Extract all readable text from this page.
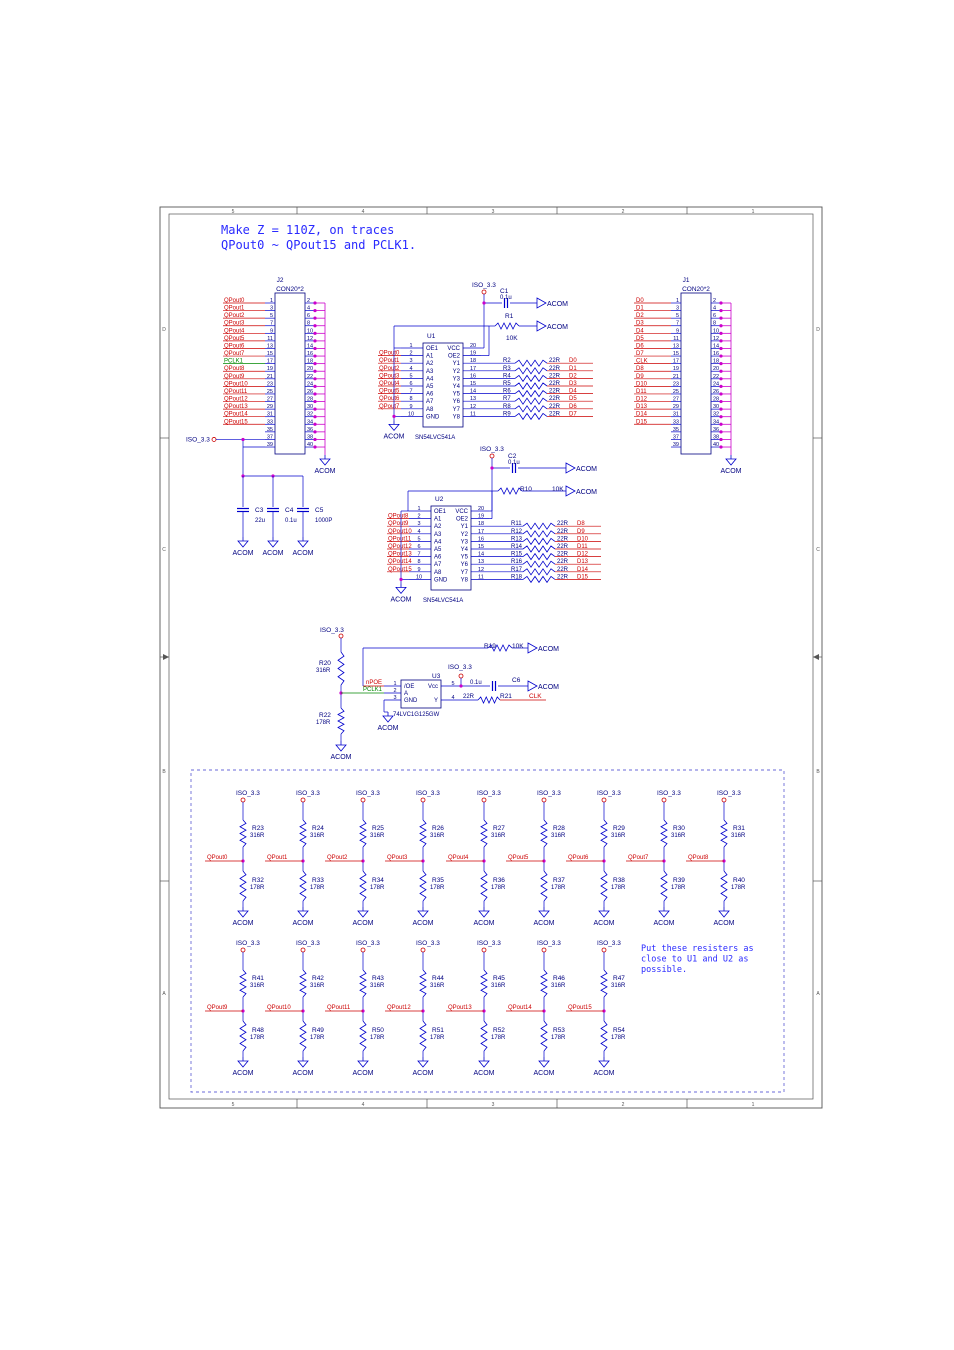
5
5
4
4
3
3
2
2
1
1
D	D
C	C
B	B
A	A
Make Z = 110Z, on traces
QPout0 ~ QPout15 and PCLK1.
Put these resisters as
close to U1 and U2 as
possible.
CON20*2
J2
1	2
3	4
5	6
7	8
9	10
11	12
13	14
15	16
17	18
19	20
21	22
23	24
25	26
27	28
29	30
31	32
33	34
35	36
37	38
39	40
ACOM
QPout0
QPout1
QPout2
QPout3
QPout4
QPout5
QPout6
QPout7
PCLK1
QPout8
QPout9
QPout10
QPout11
QPout12
QPout13
QPout14
QPout15
ISO_3.3
C3
22u
ACOM
C4
0.1u
ACOM
C5
1000P
ACOM
CON20*2
J1
1	2
3	4
5	6
7	8
9	10
11	12
13	14
15	16
17	18
19	20
21	22
23	24
25	26
27	28
29	30
31	32
33	34
35	36
37	38
39	40
ACOM
D0
D1
D2
D3
D4
D5
D6
D7
CLK
D8
D9
D10
D11
D12
D13
D14
D15
U1
SN54LVC541A
1	20
OE1 VCC
2	19
A1 OE2
3	18
A2	Y1
4	17
A3	Y2
5	16
A4	Y3
6	15
A5	Y4
7	14
A6	Y5
8	13
A7	Y6
9	12
A8	Y7
10	11
GND Y8
QPout0
QPout1
QPout2
QPout3
QPout4
QPout5
QPout6
QPout7
R2	22R D0
R3	22R D1
R4	22R D2
R5	22R D3
R6	22R D4
R7	22R D5
R8	22R D6
R9	22R D7
ACOM
ISO_3.3
ACOM
C1
0.1u
ACOM
R1
10K
U2
SN54LVC541A
1	20
OE1 VCC
2	19
A1 OE2
3	18
A2	Y1
4	17
A3	Y2
5	16
A4	Y3
6	15
A5	Y4
7	14
A6	Y5
8	13
A7	Y6
9	12
A8	Y7
10	11
GND Y8
QPout8
QPout9
QPout10
QPout11
QPout12
QPout13
QPout14
QPout15
R11	22R D8
R12	22R D9
R13	22R D10
R14	22R D11
R15	22R D12
R16	22R D13
R17	22R D14
R18	22R D15
ACOM
ISO_3.3
ACOM
C2
0.1u
ACOM
R10	10K
U3
74LVC1G125GW
1 /OE
2 A
3 GND
5
Vcc
4
Y
ISO_3.3
R20
316R
PCLK1
R22
178R
ACOM
nPOE
ACOM
R19 10K
ACOM
ISO_3.3
ACOM
0.1u	C6
22R	R21	CLK
ISO_3.3
R23
316R
QPout0
R32
178R
ACOM
ISO_3.3
R24
316R
QPout1
R33
178R
ACOM
ISO_3.3
R25
316R
QPout2
R34
178R
ACOM
ISO_3.3
R26
316R
QPout3
R35
178R
ACOM
ISO_3.3
R27
316R
QPout4
R36
178R
ACOM
ISO_3.3
R28
316R
QPout5
R37
178R
ACOM
ISO_3.3
R29
316R
QPout6
R38
178R
ACOM
ISO_3.3
R30
316R
QPout7
R39
178R
ACOM
ISO_3.3
R31
316R
QPout8
R40
178R
ACOM
ISO_3.3
R41
316R
QPout9
R48
178R
ACOM
ISO_3.3
R42
316R
QPout10
R49
178R
ACOM
ISO_3.3
R43
316R
QPout11
R50
178R
ACOM
ISO_3.3
R44
316R
QPout12
R51
178R
ACOM
ISO_3.3
R45
316R
QPout13
R52
178R
ACOM
ISO_3.3
R46
316R
QPout14
R53
178R
ACOM
ISO_3.3
R47
316R
QPout15
R54
178R
ACOM
